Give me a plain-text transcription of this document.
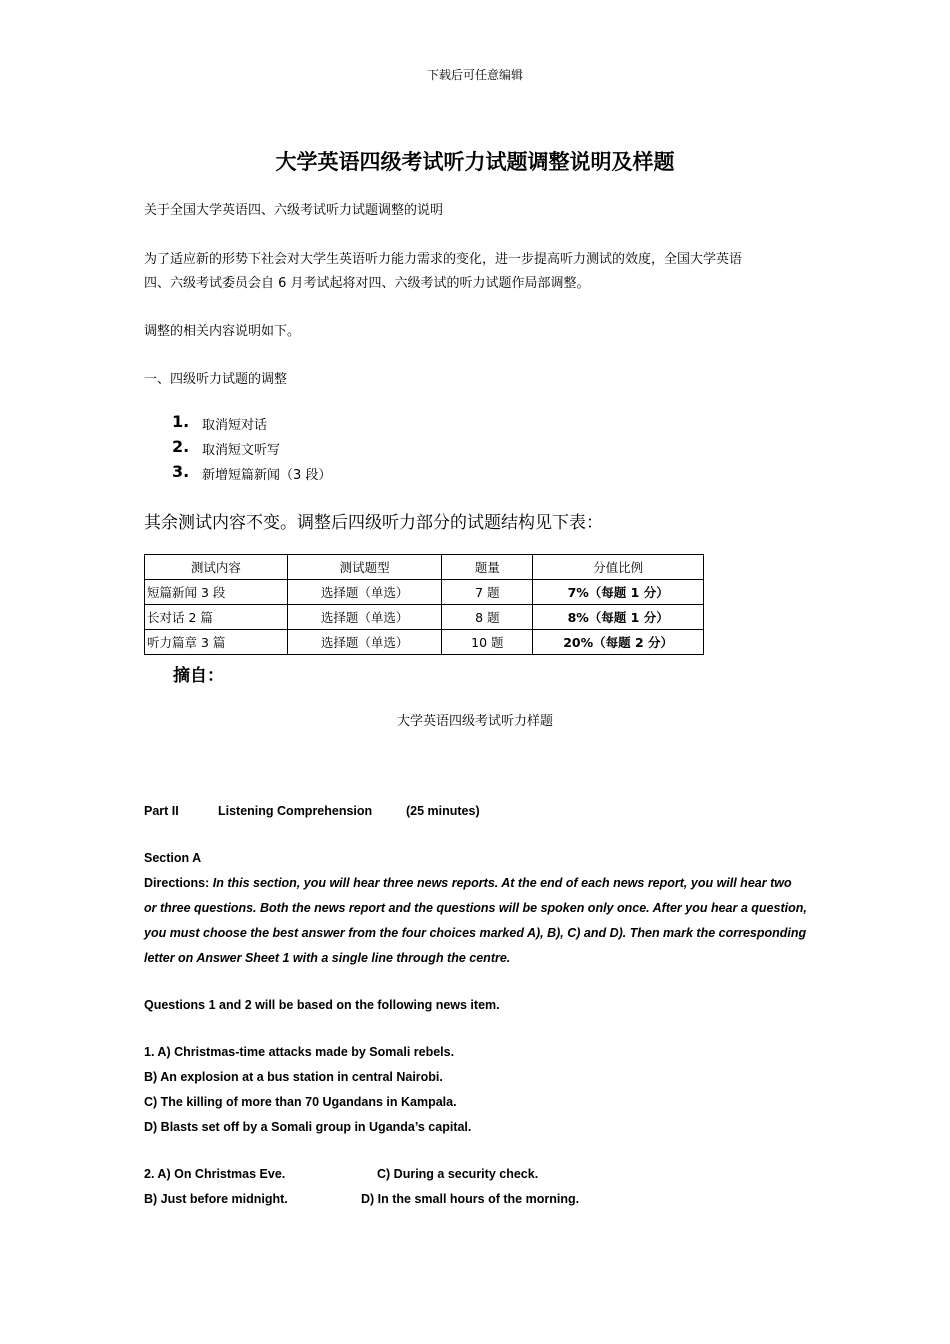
下载后可任意编辑
大学英语四级考试听力试题调整说明及样题
关于全国大学英语四、六级考试听力试题调整的说明
为了适应新的形势下社会对大学生英语听力能力需求的变化，进一步提高听力测试的效度，全国大学英语
四、六级考试委员会自 6 月考试起将对四、六级考试的听力试题作局部调整。
调整的相关内容说明如下。
一、四级听力试题的调整
1. 取消短对话
2. 取消短文听写
3. 新增短篇新闻（3 段）
其余测试内容不变。调整后四级听力部分的试题结构见下表：
测试内容	测试题型	题量	分值比例
短篇新闻 3 段	选择题（单选）	7 题	7%（每题 1 分）
长对话 2 篇	选择题（单选）	8 题	8%（每题 1 分）
听力篇章 3 篇	选择题（单选）	10 题	20%（每题 2 分）
摘自：
大学英语四级考试听力样题
Part II	Listening Comprehension	(25 minutes)
Section A
Directions: In this section, you will hear three news reports. At the end of each news report, you will hear two
or three questions. Both the news report and the questions will be spoken only once. After you hear a question,
you must choose the best answer from the four choices marked A), B), C) and D). Then mark the corresponding
letter on Answer Sheet 1 with a single line through the centre.
Questions 1 and 2 will be based on the following news item.
1. A) Christmas-time attacks made by Somali rebels.
B) An explosion at a bus station in central Nairobi.
C) The killing of more than 70 Ugandans in Kampala.
D) Blasts set off by a Somali group in Uganda’s capital.
2. A) On Christmas Eve.	C) During a security check.
B) Just before midnight.	D) In the small hours of the morning.
